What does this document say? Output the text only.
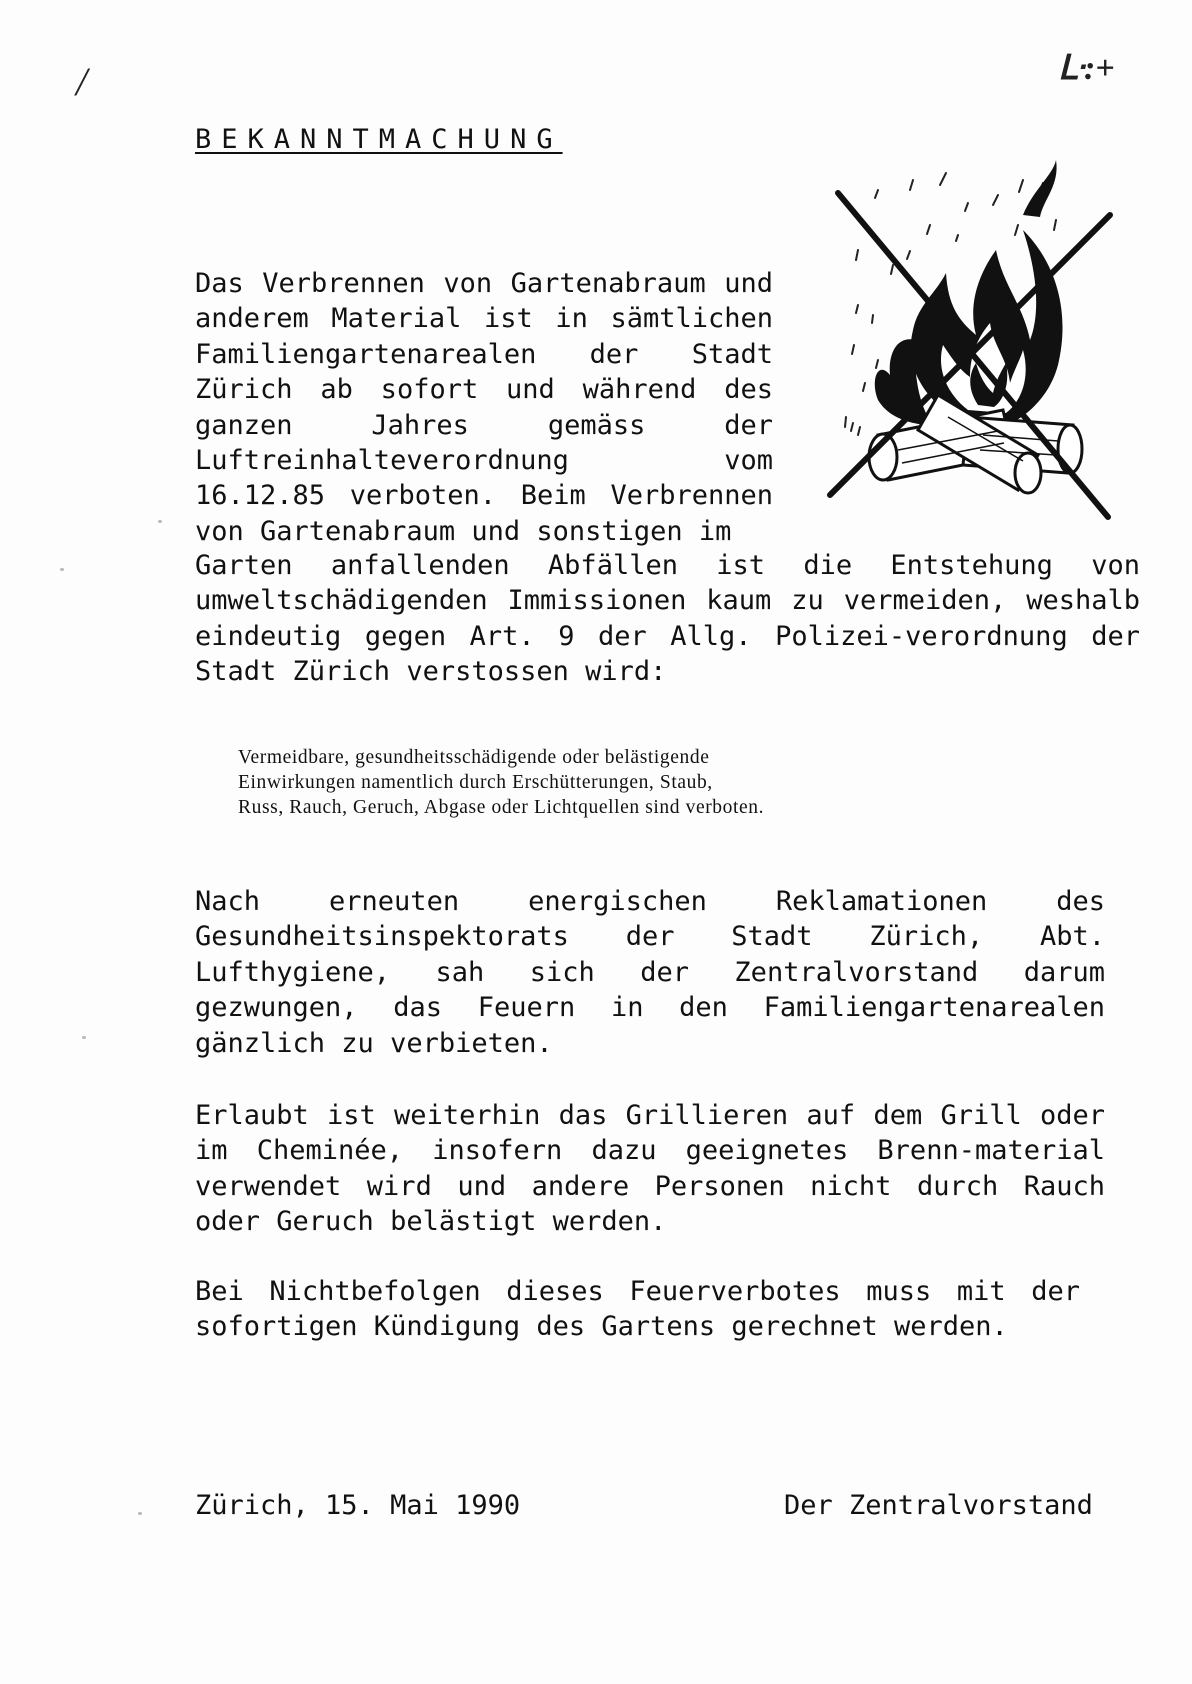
/	ᒷ:+
BEKANNTMACHUNG

Das Verbrennen von Gartenabraum und anderem Material ist in sämtlichen Familiengartenarealen der Stadt Zürich ab sofort und während des ganzen Jahres gemäss der Luftreinhalteverordnung vom 16.12.85 verboten. Beim Verbrennen von Gartenabraum und sonstigen im

Garten anfallenden Abfällen ist die Entstehung von umweltschädigenden Immissionen kaum zu vermeiden, weshalb eindeutig gegen Art. 9 der Allg. Polizei-verordnung der Stadt Zürich verstossen wird:

Vermeidbare, gesundheitsschädigende oder belästigende
Einwirkungen namentlich durch Erschütterungen, Staub,
Russ, Rauch, Geruch, Abgase oder Lichtquellen sind verboten.

Nach erneuten energischen Reklamationen des Gesundheitsinspektorats der Stadt Zürich, Abt. Lufthygiene, sah sich der Zentralvorstand darum gezwungen, das Feuern in den Familiengartenarealen gänzlich zu verbieten.

Erlaubt ist weiterhin das Grillieren auf dem Grill oder im Cheminée, insofern dazu geeignetes Brenn-material verwendet wird und andere Personen nicht durch Rauch oder Geruch belästigt werden.

Bei Nichtbefolgen dieses Feuerverbotes muss mit der sofortigen Kündigung des Gartens gerechnet werden.

Zürich, 15. Mai 1990	Der Zentralvorstand
